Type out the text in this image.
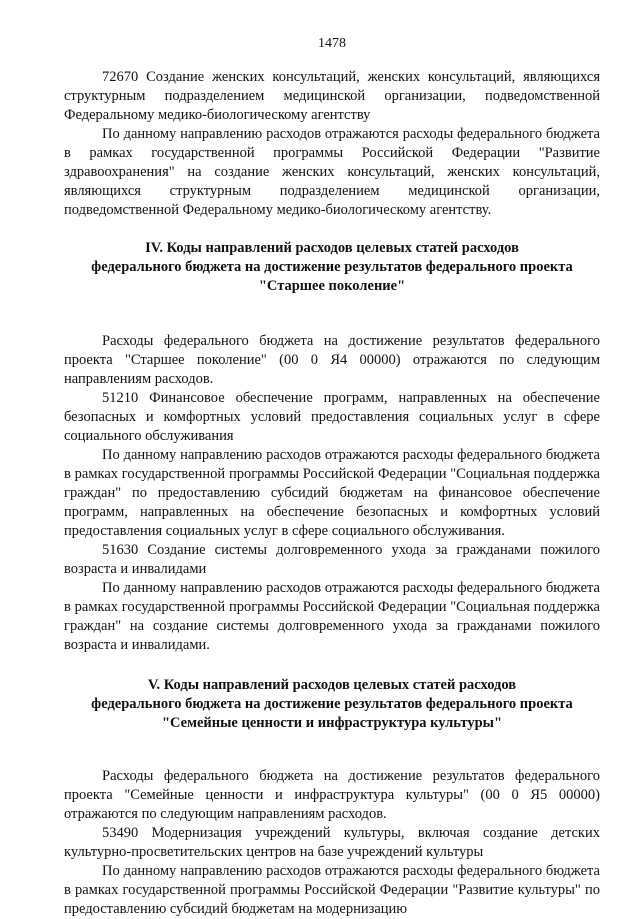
1478

72670 Создание женских консультаций, женских консультаций, являющихся структурным подразделением медицинской организации, подведомственной Федеральному медико-биологическому агентству

По данному направлению расходов отражаются расходы федерального бюджета в рамках государственной программы Российской Федерации "Развитие здравоохранения" на создание женских консультаций, женских консультаций, являющихся структурным подразделением медицинской организации, подведомственной Федеральному медико-биологическому агентству.

IV. Коды направлений расходов целевых статей расходов
федерального бюджета на достижение результатов федерального проекта
"Старшее поколение"

Расходы федерального бюджета на достижение результатов федерального проекта "Старшее поколение" (00 0 Я4 00000) отражаются по следующим направлениям расходов.

51210 Финансовое обеспечение программ, направленных на обеспечение безопасных и комфортных условий предоставления социальных услуг в сфере социального обслуживания

По данному направлению расходов отражаются расходы федерального бюджета в рамках государственной программы Российской Федерации "Социальная поддержка граждан" по предоставлению субсидий бюджетам на финансовое обеспечение программ, направленных на обеспечение безопасных и комфортных условий предоставления социальных услуг в сфере социального обслуживания.

51630 Создание системы долговременного ухода за гражданами пожилого возраста и инвалидами

По данному направлению расходов отражаются расходы федерального бюджета в рамках государственной программы Российской Федерации "Социальная поддержка граждан" на создание системы долговременного ухода за гражданами пожилого возраста и инвалидами.

V. Коды направлений расходов целевых статей расходов
федерального бюджета на достижение результатов федерального проекта
"Семейные ценности и инфраструктура культуры"

Расходы федерального бюджета на достижение результатов федерального проекта "Семейные ценности и инфраструктура культуры" (00 0 Я5 00000) отражаются по следующим направлениям расходов.

53490 Модернизация учреждений культуры, включая создание детских культурно-просветительских центров на базе учреждений культуры

По данному направлению расходов отражаются расходы федерального бюджета в рамках государственной программы Российской Федерации "Развитие культуры" по предоставлению субсидий бюджетам на модернизацию
